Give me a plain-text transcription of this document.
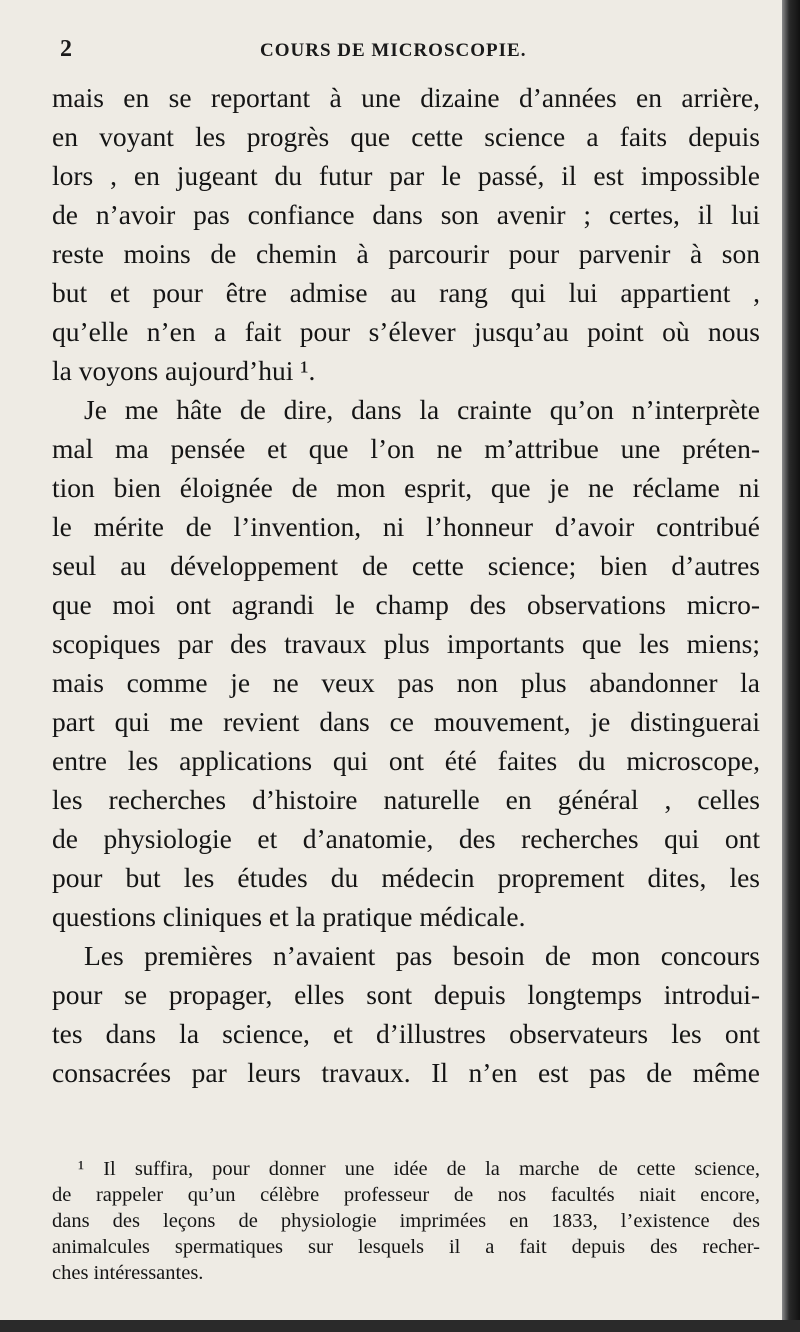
2	COURS DE MICROSCOPIE.
mais en se reportant à une dizaine d’années en arrière,
en voyant les progrès que cette science a faits depuis
lors , en jugeant du futur par le passé, il est impossible
de n’avoir pas confiance dans son avenir ; certes, il lui
reste moins de chemin à parcourir pour parvenir à son
but et pour être admise au rang qui lui appartient ,
qu’elle n’en a fait pour s’élever jusqu’au point où nous
la voyons aujourd’hui ¹.
Je me hâte de dire, dans la crainte qu’on n’interprète
mal ma pensée et que l’on ne m’attribue une préten-
tion bien éloignée de mon esprit, que je ne réclame ni
le mérite de l’invention, ni l’honneur d’avoir contribué
seul au développement de cette science; bien d’autres
que moi ont agrandi le champ des observations micro-
scopiques par des travaux plus importants que les miens;
mais comme je ne veux pas non plus abandonner la
part qui me revient dans ce mouvement, je distinguerai
entre les applications qui ont été faites du microscope,
les recherches d’histoire naturelle en général , celles
de physiologie et d’anatomie, des recherches qui ont
pour but les études du médecin proprement dites, les
questions cliniques et la pratique médicale.
Les premières n’avaient pas besoin de mon concours
pour se propager, elles sont depuis longtemps introdui-
tes dans la science, et d’illustres observateurs les ont
consacrées par leurs travaux. Il n’en est pas de même
¹ Il suffira, pour donner une idée de la marche de cette science,
de rappeler qu’un célèbre professeur de nos facultés niait encore,
dans des leçons de physiologie imprimées en 1833, l’existence des
animalcules spermatiques sur lesquels il a fait depuis des recher-
ches intéressantes.
